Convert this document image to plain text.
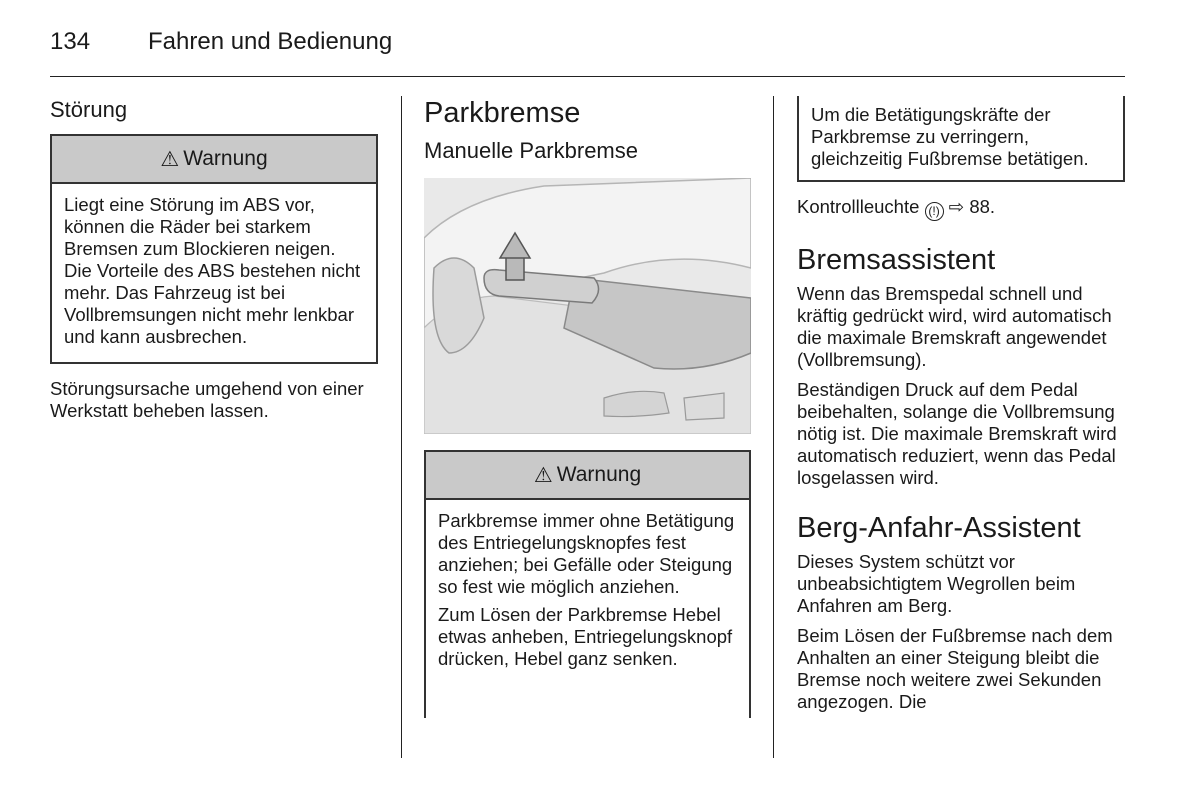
134 Fahren und Bedienung
Störung
⚠ Warnung

Liegt eine Störung im ABS vor, können die Räder bei starkem Bremsen zum Blockieren neigen. Die Vorteile des ABS bestehen nicht mehr. Das Fahrzeug ist bei Vollbremsungen nicht mehr lenkbar und kann ausbrechen.

Störungsursache umgehend von einer Werkstatt beheben lassen.

Parkbremse
Manuelle Parkbremse
⚠ Warnung

Parkbremse immer ohne Betätigung des Entriegelungsknopfes fest anziehen; bei Gefälle oder Steigung so fest wie möglich anziehen.

Zum Lösen der Parkbremse Hebel etwas anheben, Entriegelungsknopf drücken, Hebel ganz senken.

Um die Betätigungskräfte der Parkbremse zu verringern, gleichzeitig Fußbremse betätigen.

Kontrollleuchte (!) ⇨ 88.

Bremsassistent

Wenn das Bremspedal schnell und kräftig gedrückt wird, wird automatisch die maximale Bremskraft angewendet (Vollbremsung).

Beständigen Druck auf dem Pedal beibehalten, solange die Vollbremsung nötig ist. Die maximale Bremskraft wird automatisch reduziert, wenn das Pedal losgelassen wird.

Berg-Anfahr-Assistent

Dieses System schützt vor unbeabsichtigtem Wegrollen beim Anfahren am Berg.

Beim Lösen der Fußbremse nach dem Anhalten an einer Steigung bleibt die Bremse noch weitere zwei Sekunden angezogen. Die
